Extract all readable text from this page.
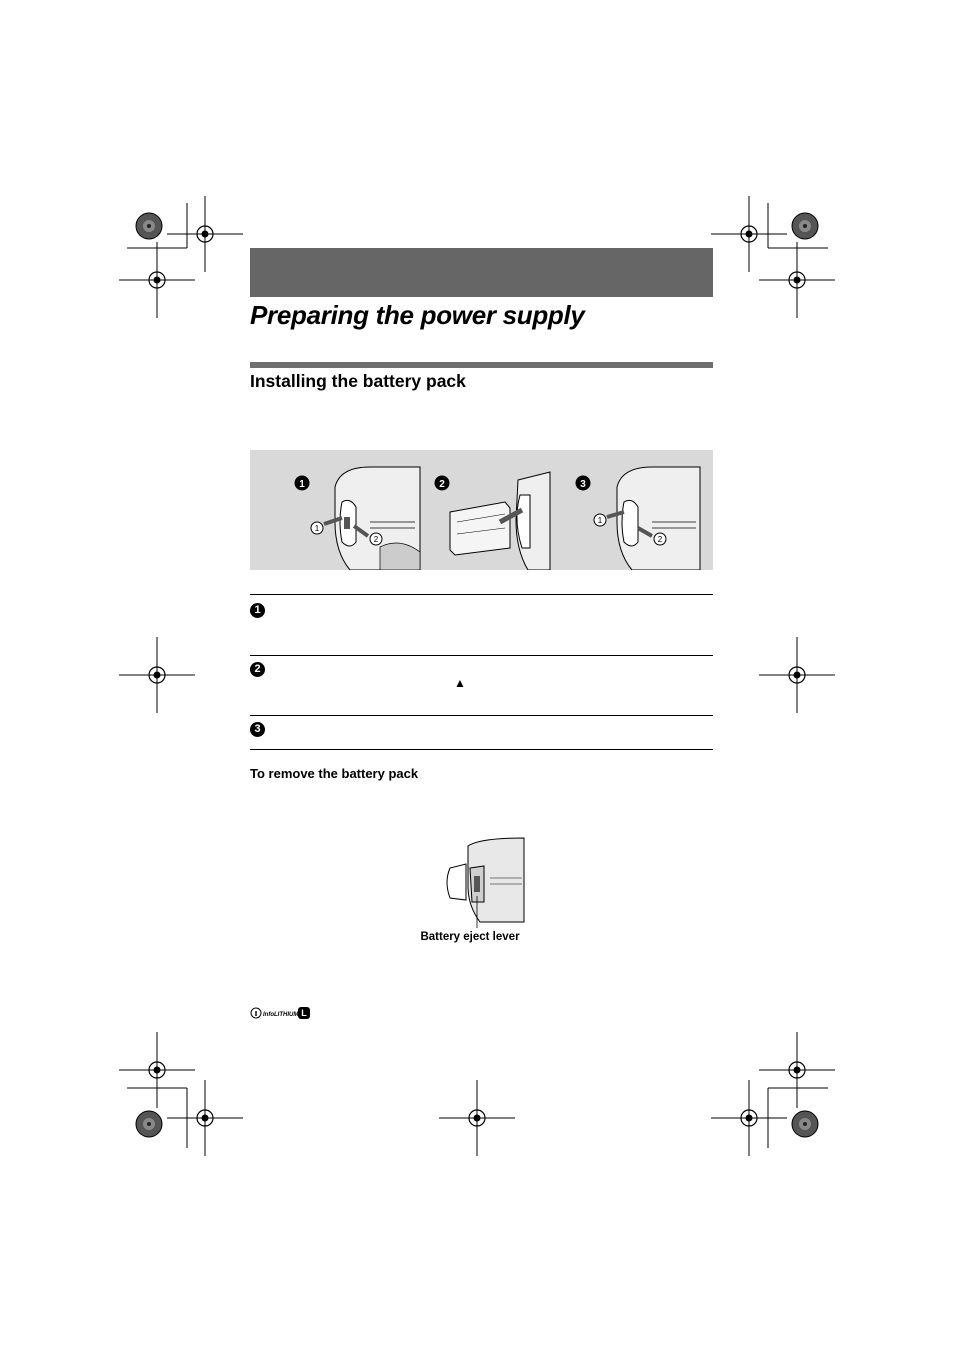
Preparing the power supply
Installing the battery pack
1
1
2
2	3
1
2
1
2
▲
3
To remove the battery pack
Battery eject lever
InfoLITHIUM L
